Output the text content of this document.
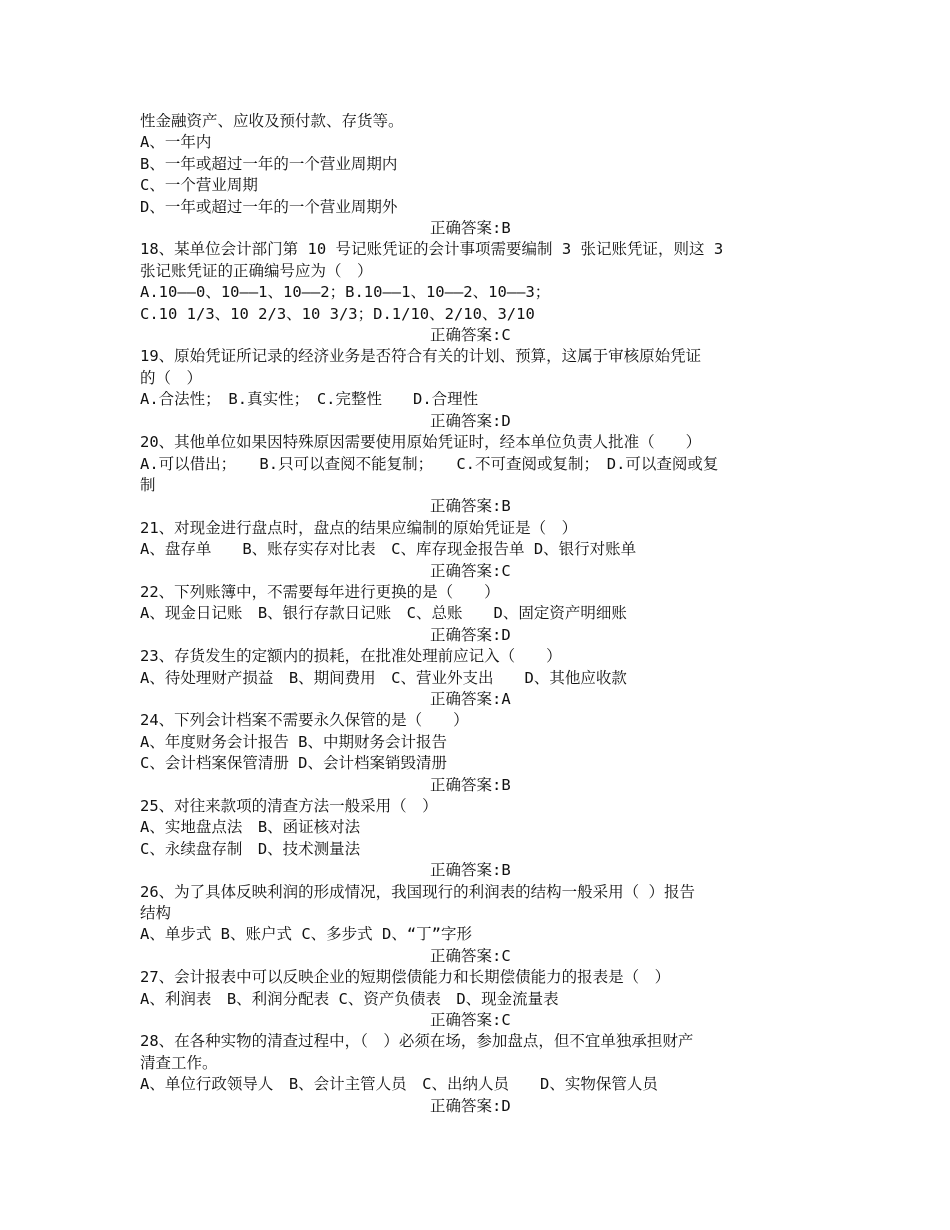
性金融资产、应收及预付款、存货等。
A、一年内
B、一年或超过一年的一个营业周期内
C、一个营业周期
D、一年或超过一年的一个营业周期外
正确答案:B
18、某单位会计部门第 10 号记账凭证的会计事项需要编制 3 张记账凭证，则这 3
张记账凭证的正确编号应为（　）
A.10——0、10——1、10——2；B.10——1、10——2、10——3；
C.10 1/3、10 2/3、10 3/3；D.1/10、2/10、3/10
正确答案:C
19、原始凭证所记录的经济业务是否符合有关的计划、预算，这属于审核原始凭证
的（　）
A.合法性；　B.真实性；　C.完整性　　D.合理性
正确答案:D
20、其他单位如果因特殊原因需要使用原始凭证时，经本单位负责人批准（　　）
A.可以借出；　　B.只可以查阅不能复制；　　C.不可查阅或复制；　D.可以查阅或复
制
正确答案:B
21、对现金进行盘点时，盘点的结果应编制的原始凭证是（　）
A、盘存单　　B、账存实存对比表　C、库存现金报告单 D、银行对账单
正确答案:C
22、下列账簿中，不需要每年进行更换的是（　　）
A、现金日记账　B、银行存款日记账　C、总账　　D、固定资产明细账
正确答案:D
23、存货发生的定额内的损耗，在批准处理前应记入（　　）
A、待处理财产损益　B、期间费用　C、营业外支出　　D、其他应收款
正确答案:A
24、下列会计档案不需要永久保管的是（　　）
A、年度财务会计报告 B、中期财务会计报告
C、会计档案保管清册 D、会计档案销毁清册
正确答案:B
25、对往来款项的清查方法一般采用（　）
A、实地盘点法　B、函证核对法
C、永续盘存制　D、技术测量法
正确答案:B
26、为了具体反映利润的形成情况，我国现行的利润表的结构一般采用（ ）报告
结构
A、单步式 B、账户式 C、多步式 D、“丁”字形
正确答案:C
27、会计报表中可以反映企业的短期偿债能力和长期偿债能力的报表是（　）
A、利润表　B、利润分配表 C、资产负债表　D、现金流量表
正确答案:C
28、在各种实物的清查过程中，（　）必须在场，参加盘点，但不宜单独承担财产
清查工作。
A、单位行政领导人　B、会计主管人员　C、出纳人员　　D、实物保管人员
正确答案:D
